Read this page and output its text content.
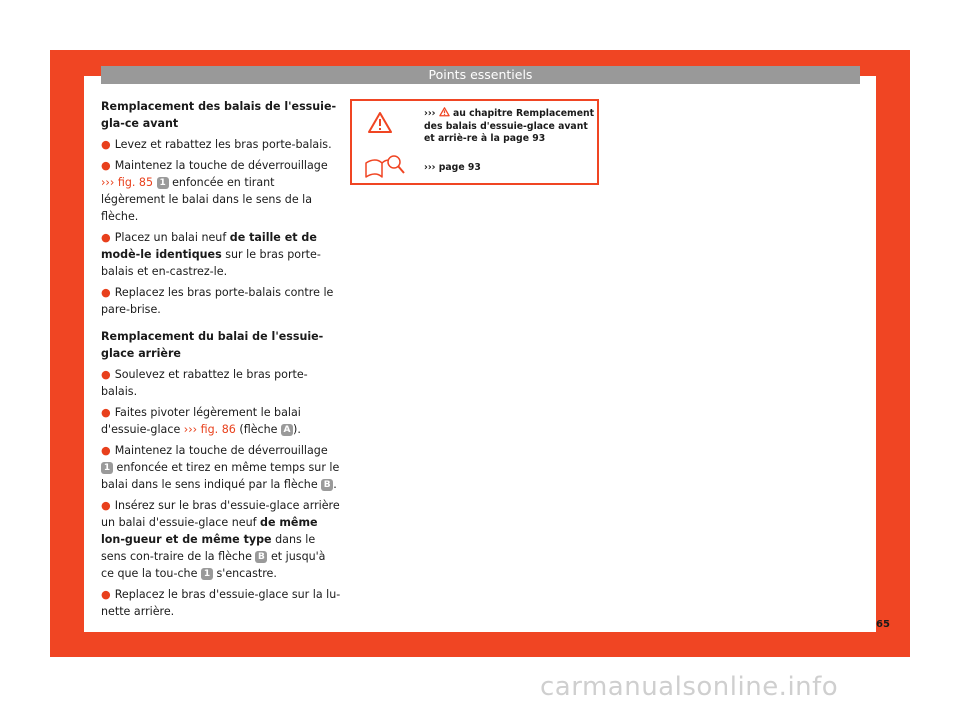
Points essentiels

Remplacement des balais de l'essuie-gla-ce avant

● Levez et rabattez les bras porte-balais.

● Maintenez la touche de déverrouillage ››› fig. 85 1 enfoncée en tirant légèrement le balai dans le sens de la flèche.

● Placez un balai neuf de taille et de modè-le identiques sur le bras porte-balais et en-castrez-le.

● Replacez les bras porte-balais contre le pare-brise.

Remplacement du balai de l'essuie-glace arrière

● Soulevez et rabattez le bras porte-balais.

● Faites pivoter légèrement le balai d'essuie-glace ››› fig. 86 (flèche A ).

● Maintenez la touche de déverrouillage 1 enfoncée et tirez en même temps sur le balai dans le sens indiqué par la flèche B .

● Insérez sur le bras d'essuie-glace arrière un balai d'essuie-glace neuf de même lon-gueur et de même type dans le sens con-traire de la flèche B et jusqu'à ce que la tou-che 1 s'encastre.

● Replacez le bras d'essuie-glace sur la lu-nette arrière.

››› au chapitre Remplacement des balais d'essuie-glace avant et arriè-re à la page 93
››› page 93
65
carmanualsonline.info
